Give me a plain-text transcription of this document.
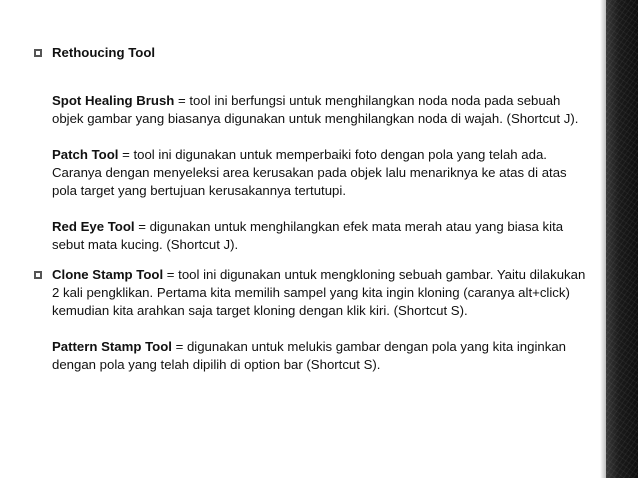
Rethoucing Tool

Spot Healing Brush = tool ini berfungsi untuk menghilangkan noda noda pada sebuah objek gambar yang biasanya digunakan untuk menghilangkan noda di wajah. (Shortcut J).

Patch Tool = tool ini digunakan untuk memperbaiki foto dengan pola yang telah ada. Caranya dengan menyeleksi area kerusakan pada objek lalu menariknya ke atas di atas pola target yang bertujuan kerusakannya tertutupi.

Red Eye Tool = digunakan untuk menghilangkan efek mata merah atau yang biasa kita sebut mata kucing. (Shortcut J).

Clone Stamp Tool = tool ini digunakan untuk mengkloning sebuah gambar. Yaitu dilakukan 2 kali pengklikan. Pertama kita memilih sampel yang kita ingin kloning (caranya alt+click) kemudian kita arahkan saja target kloning dengan klik kiri. (Shortcut S).

Pattern Stamp Tool = digunakan untuk melukis gambar dengan pola yang kita inginkan dengan pola yang telah dipilih di option bar (Shortcut S).
